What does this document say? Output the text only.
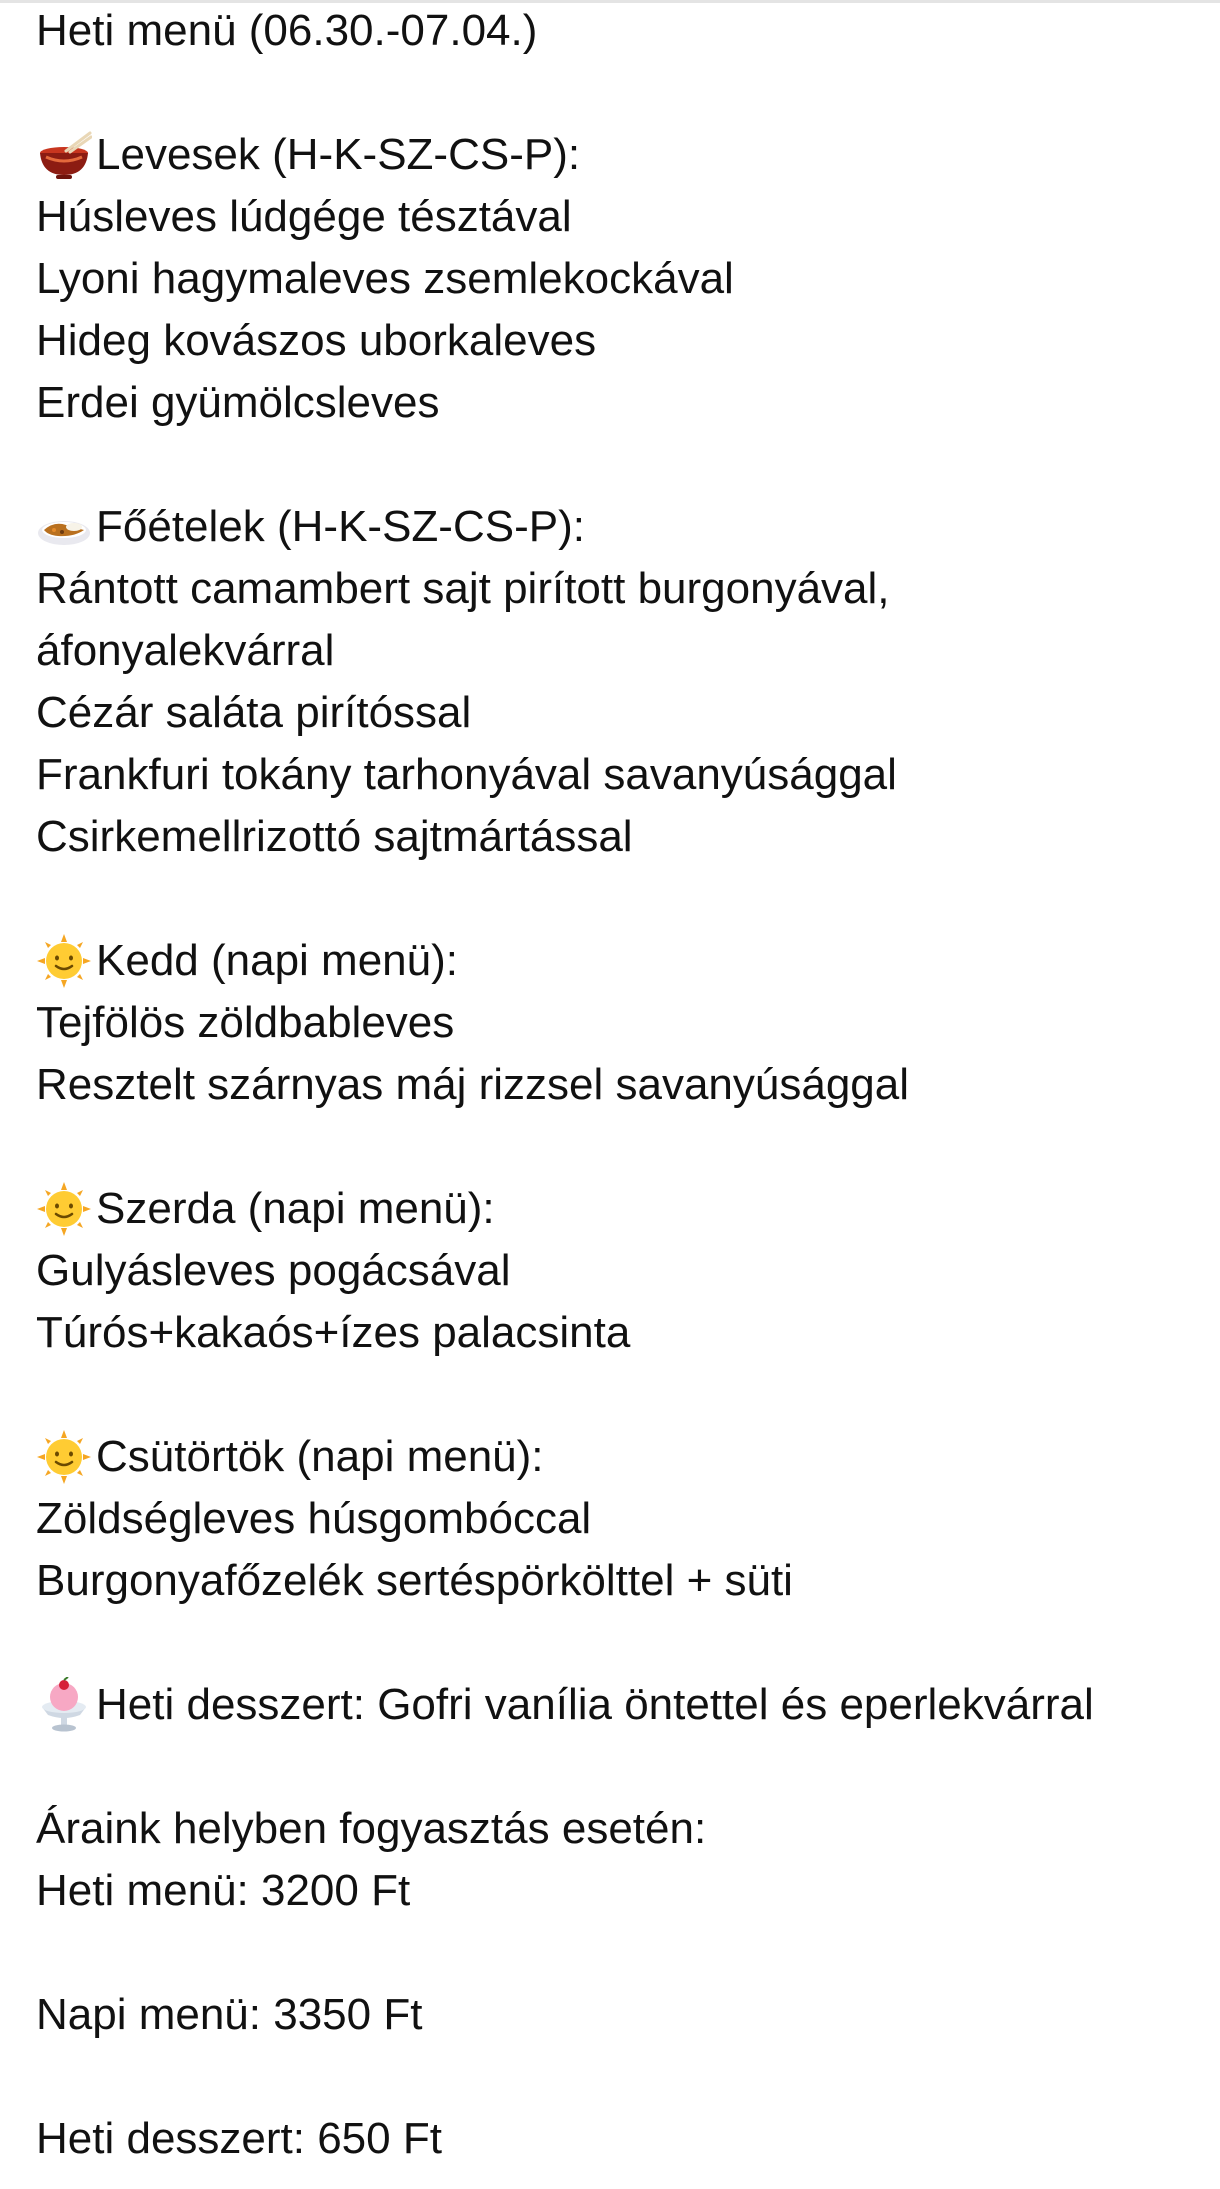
Heti menü (06.30.-07.04.)
Levesek (H-K-SZ-CS-P):
Húsleves lúdgége tésztával
Lyoni hagymaleves zsemlekockával
Hideg kovászos uborkaleves
Erdei gyümölcsleves
Főételek (H-K-SZ-CS-P):
Rántott camambert sajt pirított burgonyával,
áfonyalekvárral
Cézár saláta pirítóssal
Frankfuri tokány tarhonyával savanyúsággal
Csirkemellrizottó sajtmártással
Kedd (napi menü):
Tejfölös zöldbableves
Resztelt szárnyas máj rizzsel savanyúsággal
Szerda (napi menü):
Gulyásleves pogácsával
Túrós+kakaós+ízes palacsinta
Csütörtök (napi menü):
Zöldségleves húsgombóccal
Burgonyafőzelék sertéspörkölttel + süti
Heti desszert: Gofri vanília öntettel és eperlekvárral
Áraink helyben fogyasztás esetén:
Heti menü: 3200 Ft
Napi menü: 3350 Ft
Heti desszert: 650 Ft
